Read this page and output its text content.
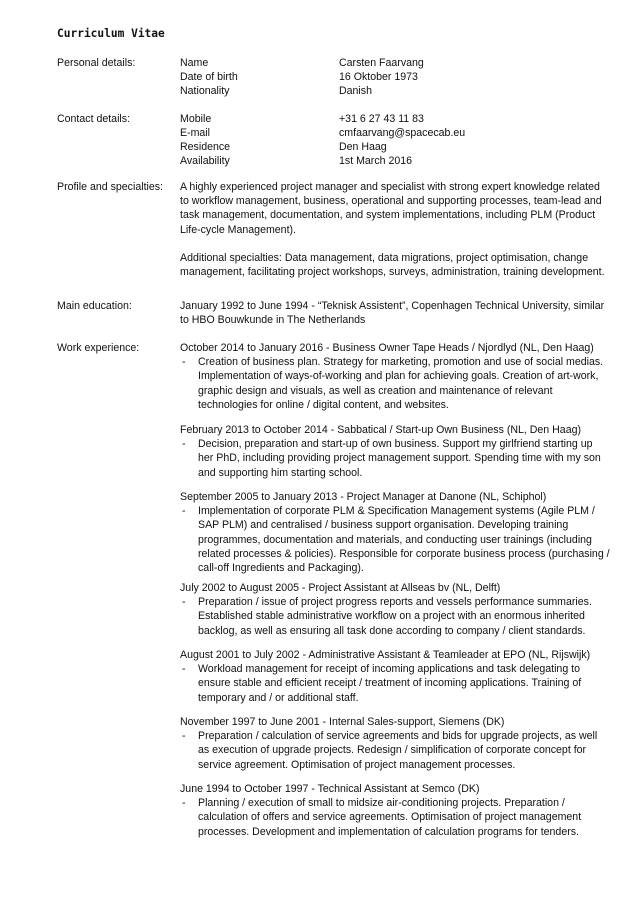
Curriculum Vitae
Personal details:	Name	Carsten Faarvang
Date of birth	16 Oktober 1973
Nationality	Danish
Contact details:	Mobile	+31 6 27 43 11 83
E-mail	cmfaarvang@spacecab.eu
Residence	Den Haag
Availability	1st March 2016
Profile and specialties: A highly experienced project manager and specialist with strong expert knowledge related to workflow management, business, operational and supporting processes, team-lead and task management, documentation, and system implementations, including PLM (Product Life-cycle Management).

Additional specialties: Data management, data migrations, project optimisation, change management, facilitating project workshops, surveys, administration, training development.

Main education:	January 1992 to June 1994 - “Teknisk Assistent”, Copenhagen Technical University, similar to HBO Bouwkunde in The Netherlands
Work experience:	October 2014 to January 2016 - Business Owner Tape Heads / Njordlyd (NL, Den Haag)
- Creation of business plan. Strategy for marketing, promotion and use of social medias. Implementation of ways-of-working and plan for achieving goals. Creation of art-work, graphic design and visuals, as well as creation and maintenance of relevant technologies for online / digital content, and websites.
February 2013 to October 2014 - Sabbatical / Start-up Own Business (NL, Den Haag)
- Decision, preparation and start-up of own business. Support my girlfriend starting up her PhD, including providing project management support. Spending time with my son and supporting him starting school.
September 2005 to January 2013 - Project Manager at Danone (NL, Schiphol)
- Implementation of corporate PLM & Specification Management systems (Agile PLM / SAP PLM) and centralised / business support organisation. Developing training programmes, documentation and materials, and conducting user trainings (including related processes & policies). Responsible for corporate business process (purchasing / call-off Ingredients and Packaging).
July 2002 to August 2005 - Project Assistant at Allseas bv (NL, Delft)
- Preparation / issue of project progress reports and vessels performance summaries. Established stable administrative workflow on a project with an enormous inherited backlog, as well as ensuring all task done according to company / client standards.
August 2001 to July 2002 - Administrative Assistant & Teamleader at EPO (NL, Rijswijk)
- Workload management for receipt of incoming applications and task delegating to ensure stable and efficient receipt / treatment of incoming applications. Training of temporary and / or additional staff.
November 1997 to June 2001 - Internal Sales-support, Siemens (DK)
- Preparation / calculation of service agreements and bids for upgrade projects, as well as execution of upgrade projects. Redesign / simplification of corporate concept for service agreement. Optimisation of project management processes.
June 1994 to October 1997 - Technical Assistant at Semco (DK)
- Planning / execution of small to midsize air-conditioning projects. Preparation / calculation of offers and service agreements. Optimisation of project management processes. Development and implementation of calculation programs for tenders.
